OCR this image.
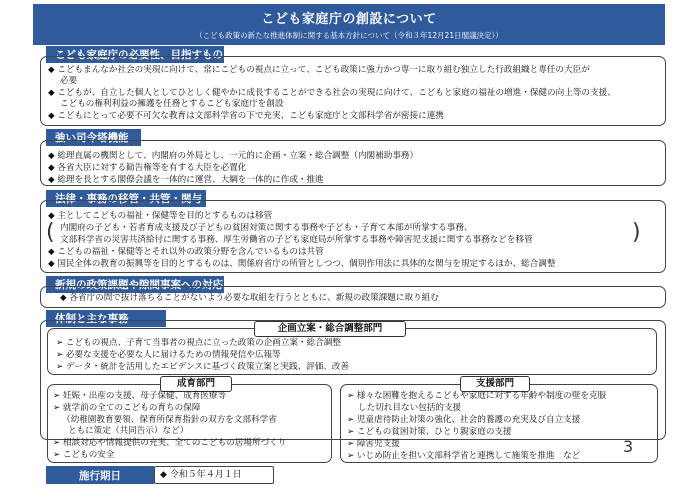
こども家庭庁の創設について
（こども政策の新たな推進体制に関する基本方針について（令和３年12月21日閣議決定））
こども家庭庁の必要性、目指すもの
◆ こどもまんなか社会の実現に向けて、常にこどもの視点に立って、こども政策に強力かつ専一に取り組む独立した行政組織と専任の大臣が
必要
◆ こどもが、自立した個人としてひとしく健やかに成長することができる社会の実現に向けて、こどもと家庭の福祉の増進・保健の向上等の支援、
こどもの権利利益の擁護を任務とするこども家庭庁を創設
◆ こどもにとって必要不可欠な教育は文部科学省の下で充実、こども家庭庁と文部科学省が密接に連携
強い司令塔機能
◆ 総理直属の機関として、内閣府の外局とし、一元的に企画・立案・総合調整（内閣補助事務）
◆ 各省大臣に対する勧告権等を有する大臣を必置化
◆ 総理を長とする閣僚会議を一体的に運営、大綱を一体的に作成・推進
法律・事務の移管・共管・関与
◆ 主としてこどもの福祉・保健等を目的とするものは移管
( 内閣府の子ども・若者育成支援及び子どもの貧困対策に関する事務や子ども・子育て本部が所掌する事務、
文部科学省の災害共済給付に関する事務、厚生労働省の子ども家庭局が所掌する事務や障害児支援に関する事務などを移管	)
◆ こどもの福祉・保健等とそれ以外の政策分野を含んでいるものは共管
◆ 国民全体の教育の振興等を目的とするものは、関係府省庁の所管としつつ、個別作用法に具体的な関与を規定するほか、総合調整
新規の政策課題や隙間事案への対応
◆ 各省庁の間で抜け落ちることがないよう必要な取組を行うとともに、新規の政策課題に取り組む
体制と主な事務
企画立案・総合調整部門
➢ こどもの視点、子育て当事者の視点に立った政策の企画立案・総合調整
➢ 必要な支援を必要な人に届けるための情報発信や広報等
➢ データ・統計を活用したエビデンスに基づく政策立案と実践、評価、改善
成育部門
➢ 妊娠・出産の支援、母子保健、成育医療等
➢ 就学前の全てのこどもの育ちの保障
（幼稚園教育要領、保育所保育指針の双方を文部科学省
ともに策定（共同告示）など）
➢ 相談対応や情報提供の充実、全てのこどもの居場所づくり
➢ こどもの安全
支援部門
➢ 様々な困難を抱えるこどもや家庭に対する年齢や制度の壁を克服
した切れ目ない包括的支援
➢ 児童虐待防止対策の強化、社会的養護の充実及び自立支援
➢ こどもの貧困対策、ひとり親家庭の支援
➢ 障害児支援
➢ いじめ防止を担い文部科学省と連携して施策を推進　など
施行期日	◆ 令和５年４月１日
3
